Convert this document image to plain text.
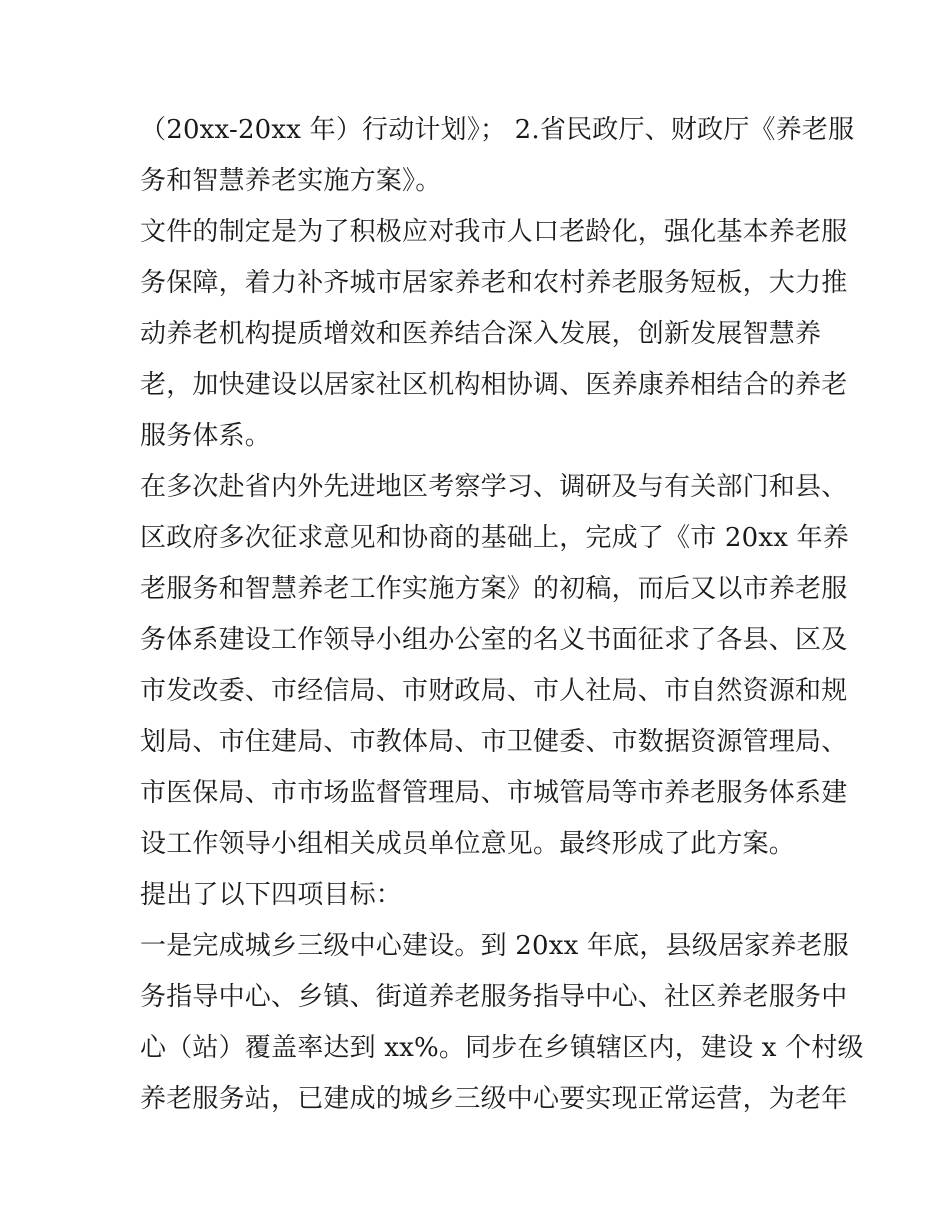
（20xx-20xx 年）行动计划》； 2.省民政厅、财政厅《养老服
务和智慧养老实施方案》。
文件的制定是为了积极应对我市人口老龄化，强化基本养老服
务保障，着力补齐城市居家养老和农村养老服务短板，大力推
动养老机构提质增效和医养结合深入发展，创新发展智慧养
老，加快建设以居家社区机构相协调、医养康养相结合的养老
服务体系。
在多次赴省内外先进地区考察学习、调研及与有关部门和县、
区政府多次征求意见和协商的基础上，完成了《市 20xx 年养
老服务和智慧养老工作实施方案》的初稿，而后又以市养老服
务体系建设工作领导小组办公室的名义书面征求了各县、区及
市发改委、市经信局、市财政局、市人社局、市自然资源和规
划局、市住建局、市教体局、市卫健委、市数据资源管理局、
市医保局、市市场监督管理局、市城管局等市养老服务体系建
设工作领导小组相关成员单位意见。最终形成了此方案。
提出了以下四项目标：
一是完成城乡三级中心建设。到 20xx 年底，县级居家养老服
务指导中心、乡镇、街道养老服务指导中心、社区养老服务中
心（站）覆盖率达到 xx%。同步在乡镇辖区内，建设 x 个村级
养老服务站，已建成的城乡三级中心要实现正常运营，为老年
